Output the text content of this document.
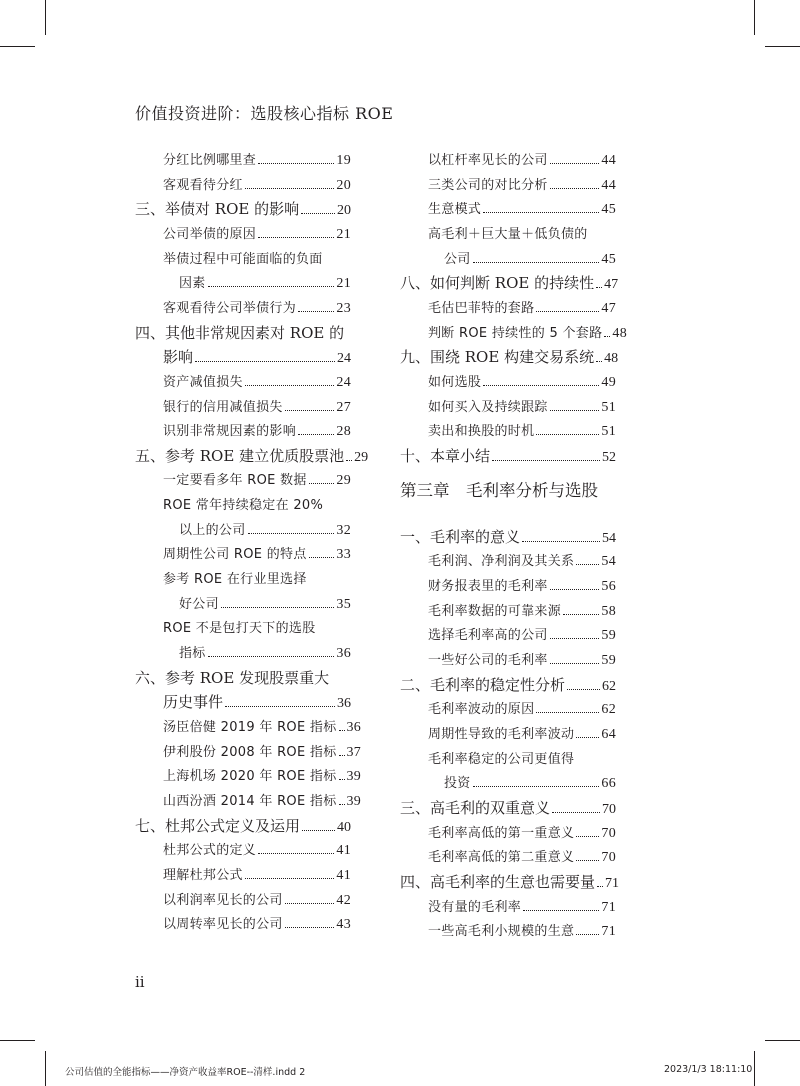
价值投资进阶：选股核心指标 ROE
分红比例哪里查	19
客观看待分红	20
三、举债对 ROE 的影响	20
公司举债的原因	21
举债过程中可能面临的负面
因素	21
客观看待公司举债行为	23
四、其他非常规因素对 ROE 的
影响	24
资产减值损失	24
银行的信用减值损失	27
识别非常规因素的影响	28
五、参考 ROE 建立优质股票池 29
一定要看多年 ROE 数据 29
ROE 常年持续稳定在 20%
以上的公司	32
周期性公司 ROE 的特点 33
参考 ROE 在行业里选择
好公司	35
ROE 不是包打天下的选股
指标	36
六、参考 ROE 发现股票重大
历史事件	36
汤臣倍健 2019 年 ROE 指标 36
伊利股份 2008 年 ROE 指标 37
上海机场 2020 年 ROE 指标 39
山西汾酒 2014 年 ROE 指标 39
七、杜邦公式定义及运用	40
杜邦公式的定义	41
理解杜邦公式	41
以利润率见长的公司	42
以周转率见长的公司	43
以杠杆率见长的公司	44
三类公司的对比分析	44
生意模式	45
高毛利＋巨大量＋低负债的
公司	45
八、如何判断 ROE 的持续性 47
毛估巴菲特的套路	47
判断 ROE 持续性的 5 个套路 48
九、围绕 ROE 构建交易系统 48
如何选股	49
如何买入及持续跟踪	51
卖出和换股的时机	51
十、本章小结	52
第三章　毛利率分析与选股
一、毛利率的意义	54
毛利润、净利润及其关系 54
财务报表里的毛利率	56
毛利率数据的可靠来源	58
选择毛利率高的公司	59
一些好公司的毛利率	59
二、毛利率的稳定性分析	62
毛利率波动的原因	62
周期性导致的毛利率波动 64
毛利率稳定的公司更值得
投资	66
三、高毛利的双重意义	70
毛利率高低的第一重意义 70
毛利率高低的第二重意义 70
四、高毛利率的生意也需要量 71
没有量的毛利率	71
一些高毛利小规模的生意 71
ii
公司估值的全能指标——净资产收益率ROE--清样.indd 2	2023/1/3 18:11:10
